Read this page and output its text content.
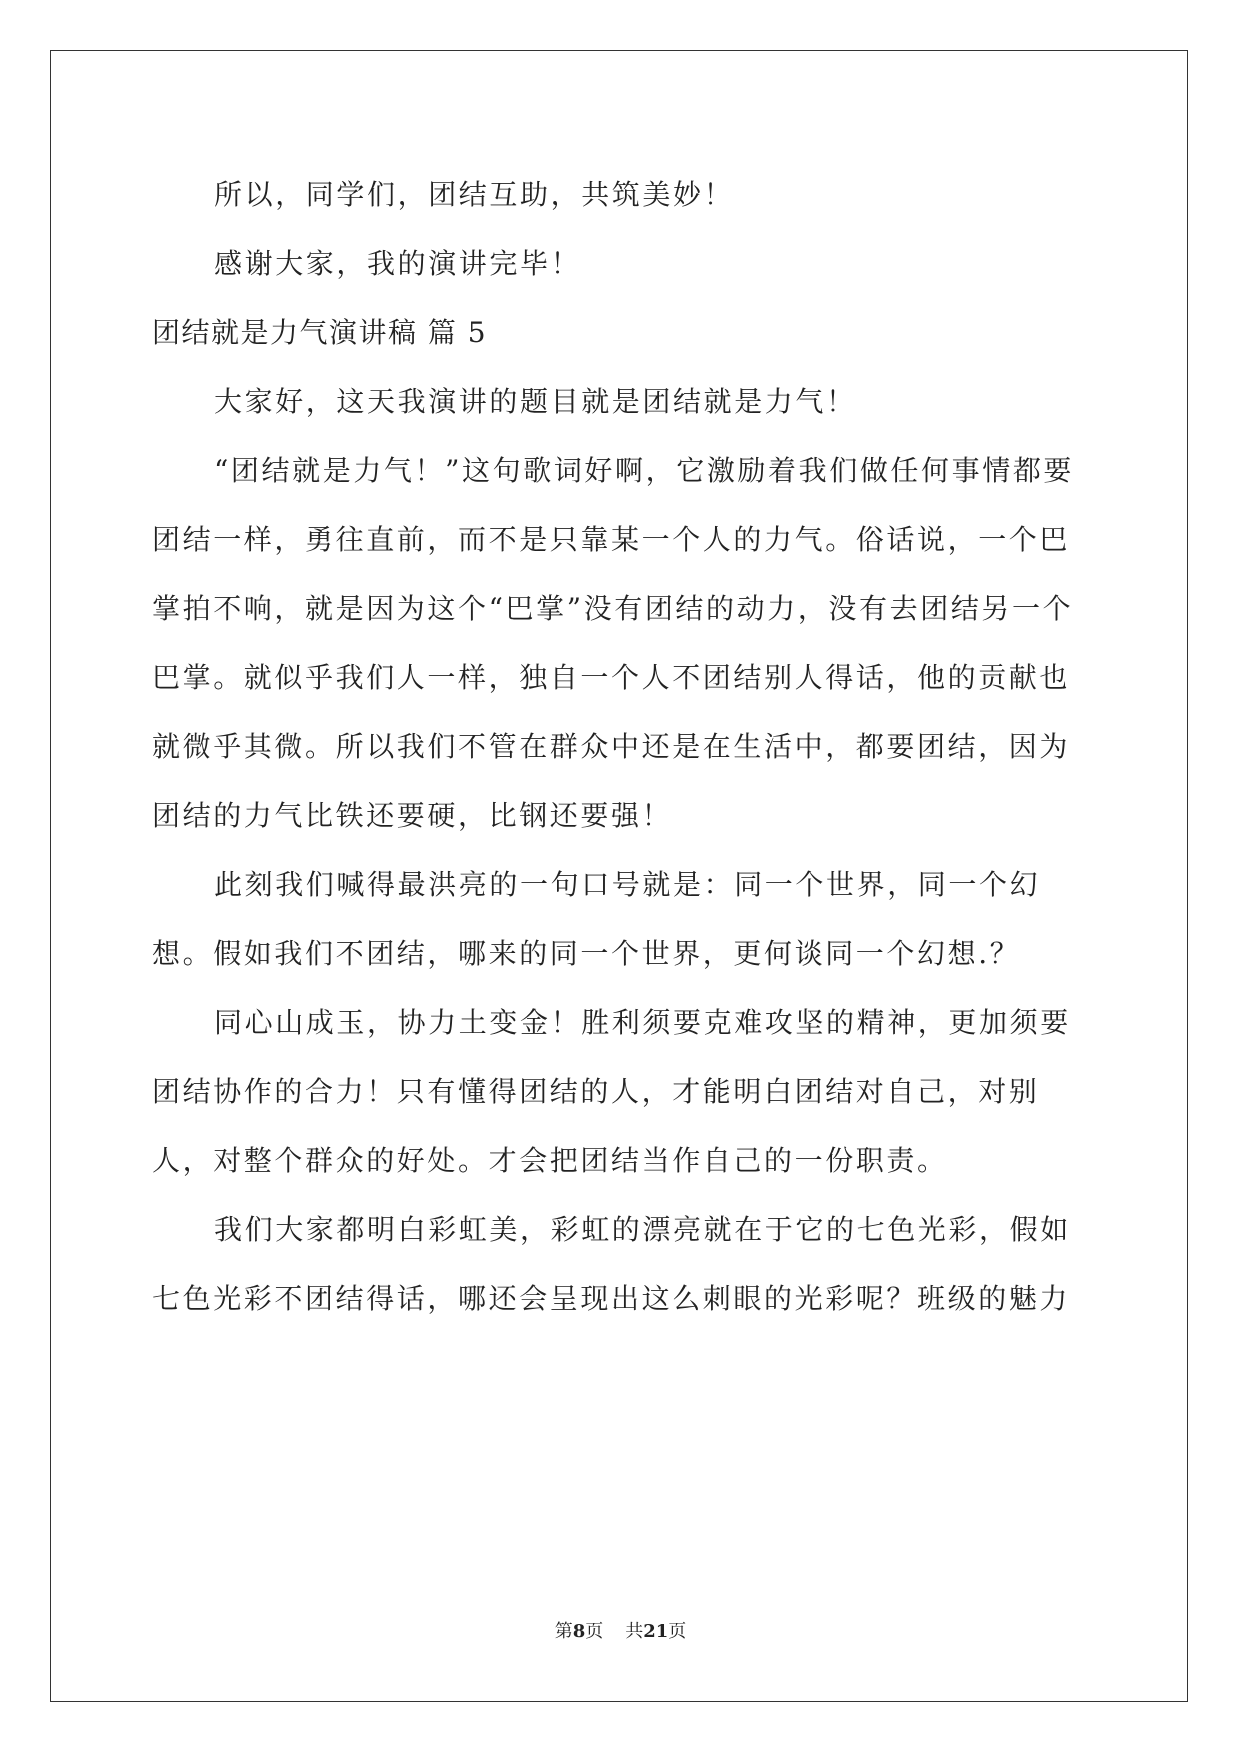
所以，同学们，团结互助，共筑美妙！

感谢大家，我的演讲完毕！

团结就是力气演讲稿 篇 5

大家好，这天我演讲的题目就是团结就是力气！

“团结就是力气！”这句歌词好啊，它激励着我们做任何事情都要团结一样，勇往直前，而不是只靠某一个人的力气。俗话说，一个巴掌拍不响，就是因为这个“巴掌”没有团结的动力，没有去团结另一个巴掌。就似乎我们人一样，独自一个人不团结别人得话，他的贡献也就微乎其微。所以我们不管在群众中还是在生活中，都要团结，因为团结的力气比铁还要硬，比钢还要强！

此刻我们喊得最洪亮的一句口号就是：同一个世界，同一个幻想。假如我们不团结，哪来的同一个世界，更何谈同一个幻想.？

同心山成玉，协力土变金！胜利须要克难攻坚的精神，更加须要团结协作的合力！只有懂得团结的人，才能明白团结对自己，对别人，对整个群众的好处。才会把团结当作自己的一份职责。

我们大家都明白彩虹美，彩虹的漂亮就在于它的七色光彩，假如七色光彩不团结得话，哪还会呈现出这么刺眼的光彩呢？班级的魅力

第8页 共21页
